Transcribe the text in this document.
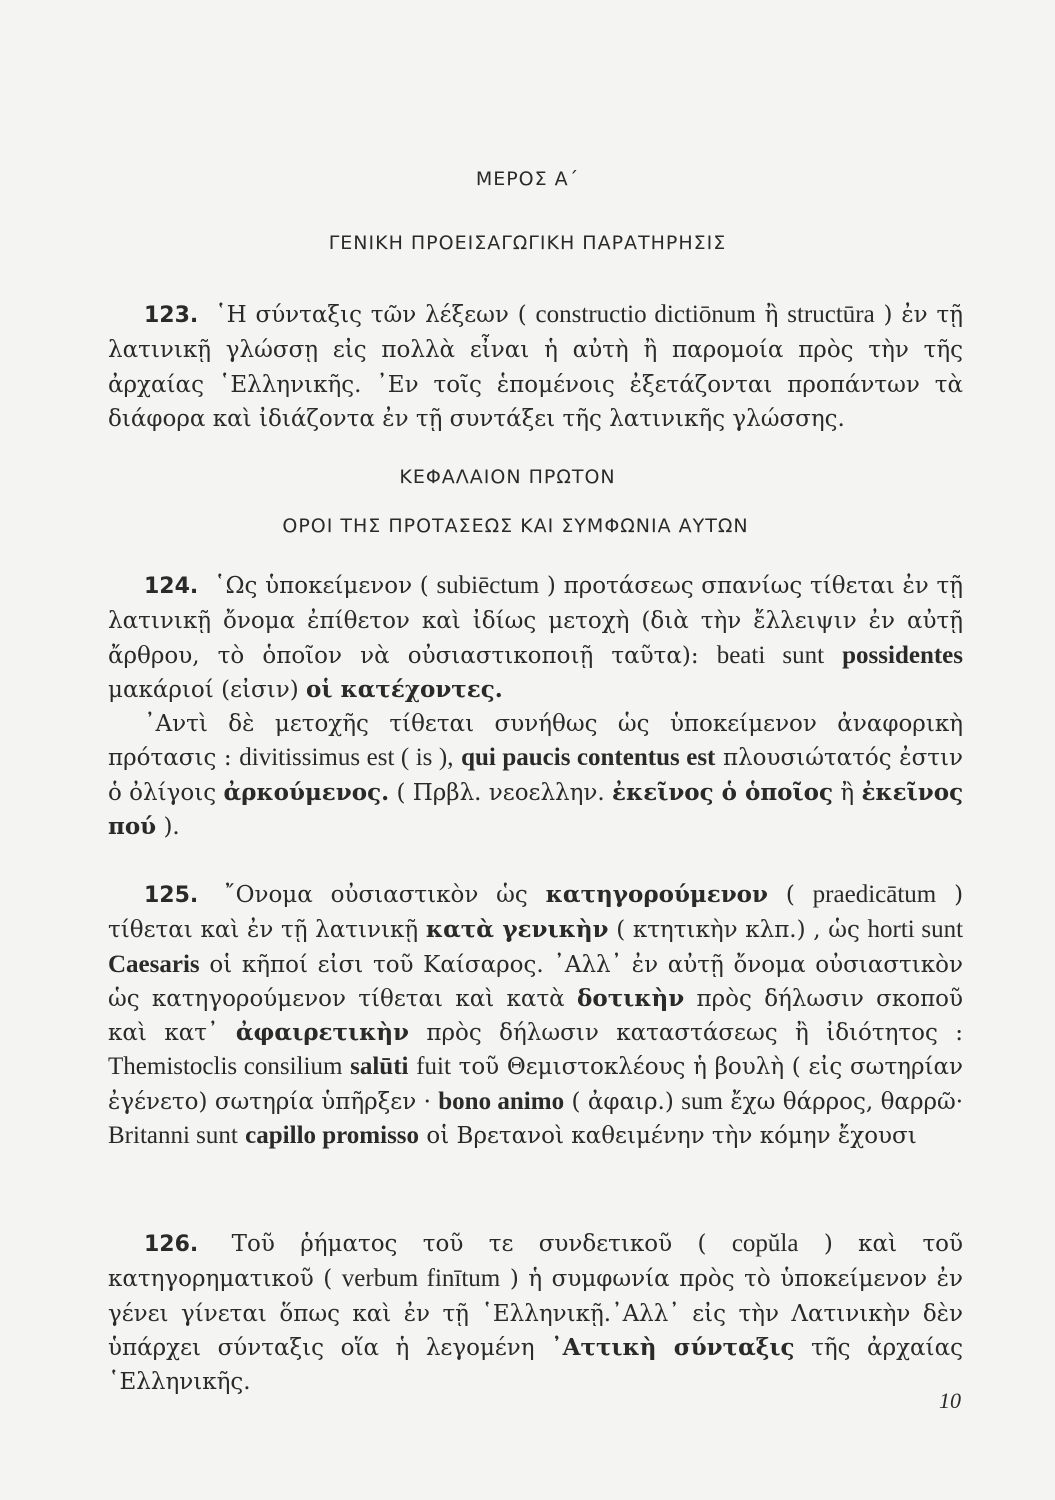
ΜΕΡΟΣ Α΄
ΓΕΝΙΚΗ ΠΡΟΕΙΣΑΓΩΓΙΚΗ ΠΑΡΑΤΗΡΗΣΙΣ

123. ῾Η σύνταξις τῶν λέξεων ( constructio dictiōnum ἢ structūra ) ἐν τῇ λατινικῇ γλώσσῃ εἰς πολλὰ εἶναι ἡ αὐτὴ ἢ παρομοία πρὸς τὴν τῆς ἀρχαίας ῾Ελληνικῆς. ᾿Εν τοῖς ἑπομένοις ἐξετάζονται προπάντων τὰ διάφορα καὶ ἰδιάζοντα ἐν τῇ συντάξει τῆς λατινικῆς γλώσσης.

ΚΕΦΑΛΑΙΟΝ ΠΡΩΤΟΝ
ΟΡΟΙ ΤΗΣ ΠΡΟΤΑΣΕΩΣ ΚΑΙ ΣΥΜΦΩΝΙΑ ΑΥΤΩΝ

124. ῾Ως ὑποκείμενον ( subiēctum ) προτάσεως σπανίως τίθεται ἐν τῇ λατινικῇ ὄνομα ἐπίθετον καὶ ἰδίως μετοχὴ (διὰ τὴν ἔλλειψιν ἐν αὐτῇ ἄρθρου, τὸ ὁποῖον νὰ οὐσιαστικοποιῇ ταῦτα): beati sunt possidentes μακάριοί (εἰσιν) οἱ κατέχοντες.

᾿Αντὶ δὲ μετοχῆς τίθεται συνήθως ὡς ὑποκείμενον ἀναφορικὴ πρότασις : divitissimus est ( is ), qui paucis contentus est πλουσιώτατός ἐστιν ὁ ὀλίγοις ἀρκούμενος. ( Πρβλ. νεοελλην. ἐκεῖνος ὁ ὁποῖος ἢ ἐκεῖνος πού ).

125. ῎Ονομα οὐσιαστικὸν ὡς κατηγορούμενον ( praedicātum ) τίθεται καὶ ἐν τῇ λατινικῇ κατὰ γενικὴν ( κτητικὴν κλπ.) , ὡς horti sunt Caesaris οἱ κῆποί εἰσι τοῦ Καίσαρος. ᾿Αλλ᾿ ἐν αὐτῇ ὄνομα οὐσιαστικὸν ὡς κατηγορούμενον τίθεται καὶ κατὰ δοτικὴν πρὸς δήλωσιν σκοποῦ καὶ κατ᾿ ἀφαιρετικὴν πρὸς δήλωσιν καταστάσεως ἢ ἰδιότητος : Themistoclis consilium salūti fuit τοῦ Θεμιστοκλέους ἡ βουλὴ ( εἰς σωτηρίαν ἐγένετο) σωτηρία ὑπῆρξεν · bono animo ( ἀφαιρ.) sum ἔχω θάρρος, θαρρῶ· Britanni sunt capillo promisso οἱ Βρετανοὶ καθειμένην τὴν κόμην ἔχουσι

126. Τοῦ ῥήματος τοῦ τε συνδετικοῦ ( copŭla ) καὶ τοῦ κατηγορηματικοῦ ( verbum finītum ) ἡ συμφωνία πρὸς τὸ ὑποκείμενον ἐν γένει γίνεται ὅπως καὶ ἐν τῇ ῾Ελληνικῇ.᾿Αλλ᾿ εἰς τὴν Λατινικὴν δὲν ὑπάρχει σύνταξις οἵα ἡ λεγομένη ᾿Αττικὴ σύνταξις τῆς ἀρχαίας ῾Ελληνικῆς.

10
